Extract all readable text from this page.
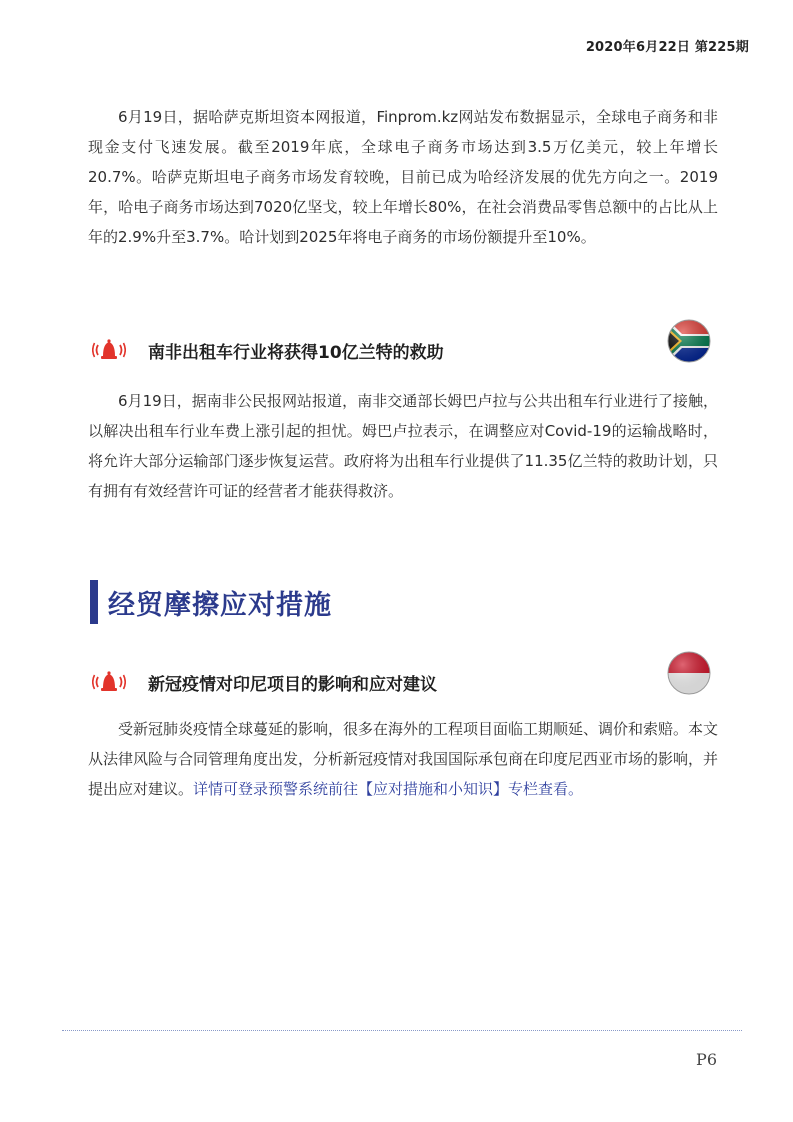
2020年6月22日 第225期

6月19日，据哈萨克斯坦资本网报道，Finprom.kz网站发布数据显示，全球电子商务和非现金支付飞速发展。截至2019年底，全球电子商务市场达到3.5万亿美元，较上年增长20.7%。哈萨克斯坦电子商务市场发育较晚，目前已成为哈经济发展的优先方向之一。2019年，哈电子商务市场达到7020亿坚戈，较上年增长80%，在社会消费品零售总额中的占比从上年的2.9%升至3.7%。哈计划到2025年将电子商务的市场份额提升至10%。

南非出租车行业将获得10亿兰特的救助

6月19日，据南非公民报网站报道，南非交通部长姆巴卢拉与公共出租车行业进行了接触，以解决出租车行业车费上涨引起的担忧。姆巴卢拉表示，在调整应对Covid-19的运输战略时，将允许大部分运输部门逐步恢复运营。政府将为出租车行业提供了11.35亿兰特的救助计划，只有拥有有效经营许可证的经营者才能获得救济。

经贸摩擦应对措施
新冠疫情对印尼项目的影响和应对建议

受新冠肺炎疫情全球蔓延的影响，很多在海外的工程项目面临工期顺延、调价和索赔。本文从法律风险与合同管理角度出发，分析新冠疫情对我国国际承包商在印度尼西亚市场的影响，并提出应对建议。详情可登录预警系统前往【应对措施和小知识】专栏查看。

P6
